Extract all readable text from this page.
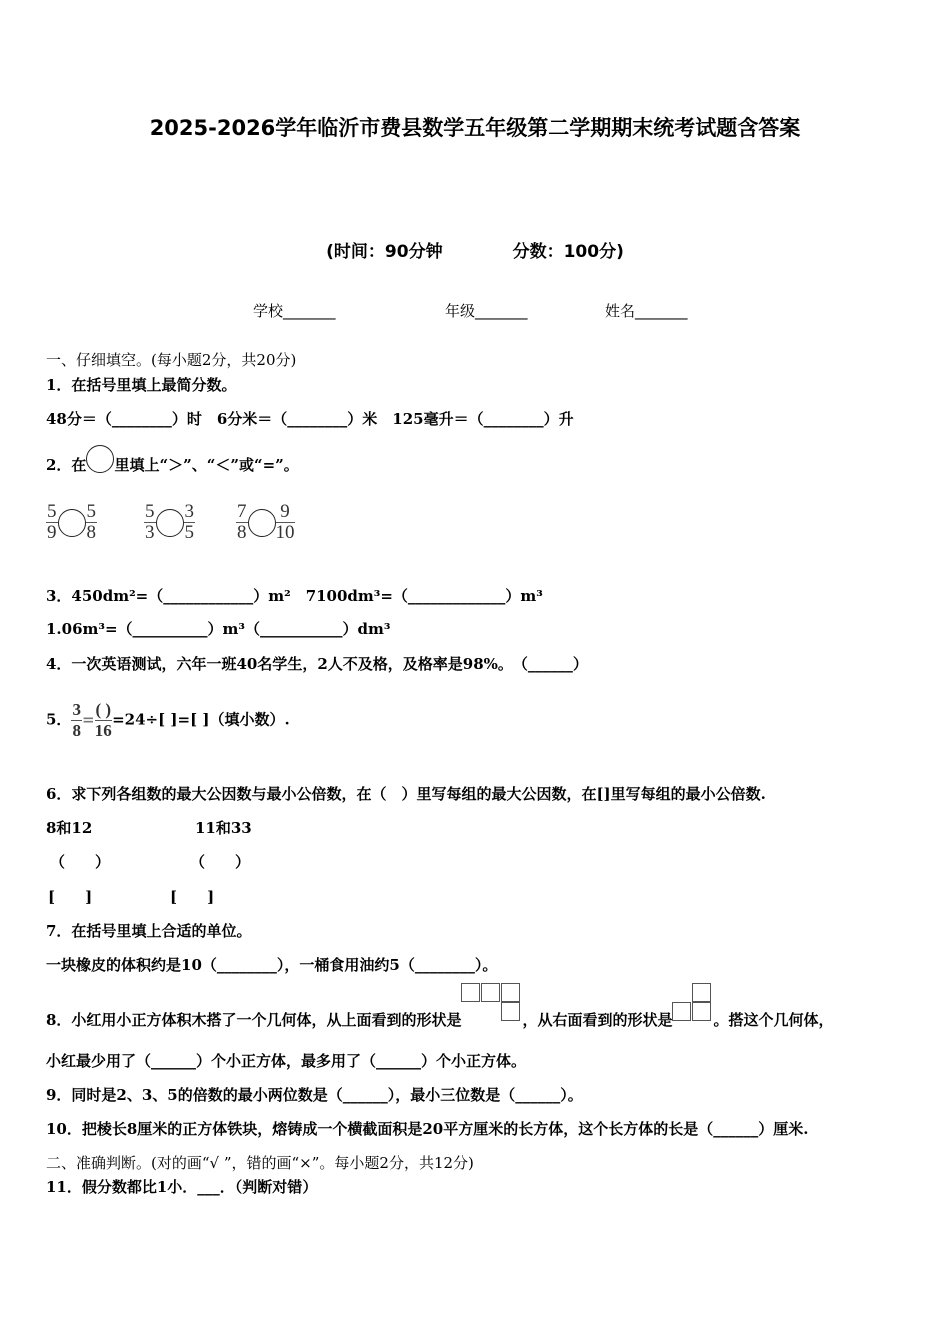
2025-2026学年临沂市费县数学五年级第二学期期末统考试题含答案
(时间：90分钟	分数：100分)
学校_______	年级_______	姓名_______
一、仔细填空。(每小题2分，共20分)
1．在括号里填上最简分数。
48分＝（________）时　6分米＝（________）米　125毫升＝（________）升
2．在 里填上“＞”、“＜”或“=”。
$\frac{5}{9} \frac{5}{8} \frac{5}{3} \frac{3}{5} \frac{7}{8} \frac{9}{10}$
3．450dm²=（____________）m²　7100dm³=（_____________）m³
1.06m³=（__________）m³（___________）dm³
4．一次英语测试，六年一班40名学生，2人不及格，及格率是98%。　（______）
5． $\frac{3}{8} = \frac{( )}{16} =24\div$[ ]=[ ]（填小数）.
6．求下列各组数的最大公因数与最小公倍数，在（　）里写每组的最大公因数，在[]里写每组的最小公倍数.
8和12	11和33
（　　）	（　　）
[　　]	[　　]
7．在括号里填上合适的单位。
一块橡皮的体积约是10（________），一桶食用油约5（________）。
8．小红用小正方体积木搭了一个几何体，从上面看到的形状是	，从右面看到的形状是	。搭这个几何体，
小红最少用了（______）个小正方体，最多用了（______）个小正方体。
9．同时是2、3、5的倍数的最小两位数是（______），最小三位数是（______）。
10．把棱长8厘米的正方体铁块，熔铸成一个横截面积是20平方厘米的长方体，这个长方体的长是（______）厘米.
二、准确判断。(对的画“√ ”，错的画“×”。每小题2分，共12分)
11．假分数都比1小．___．（判断对错）
